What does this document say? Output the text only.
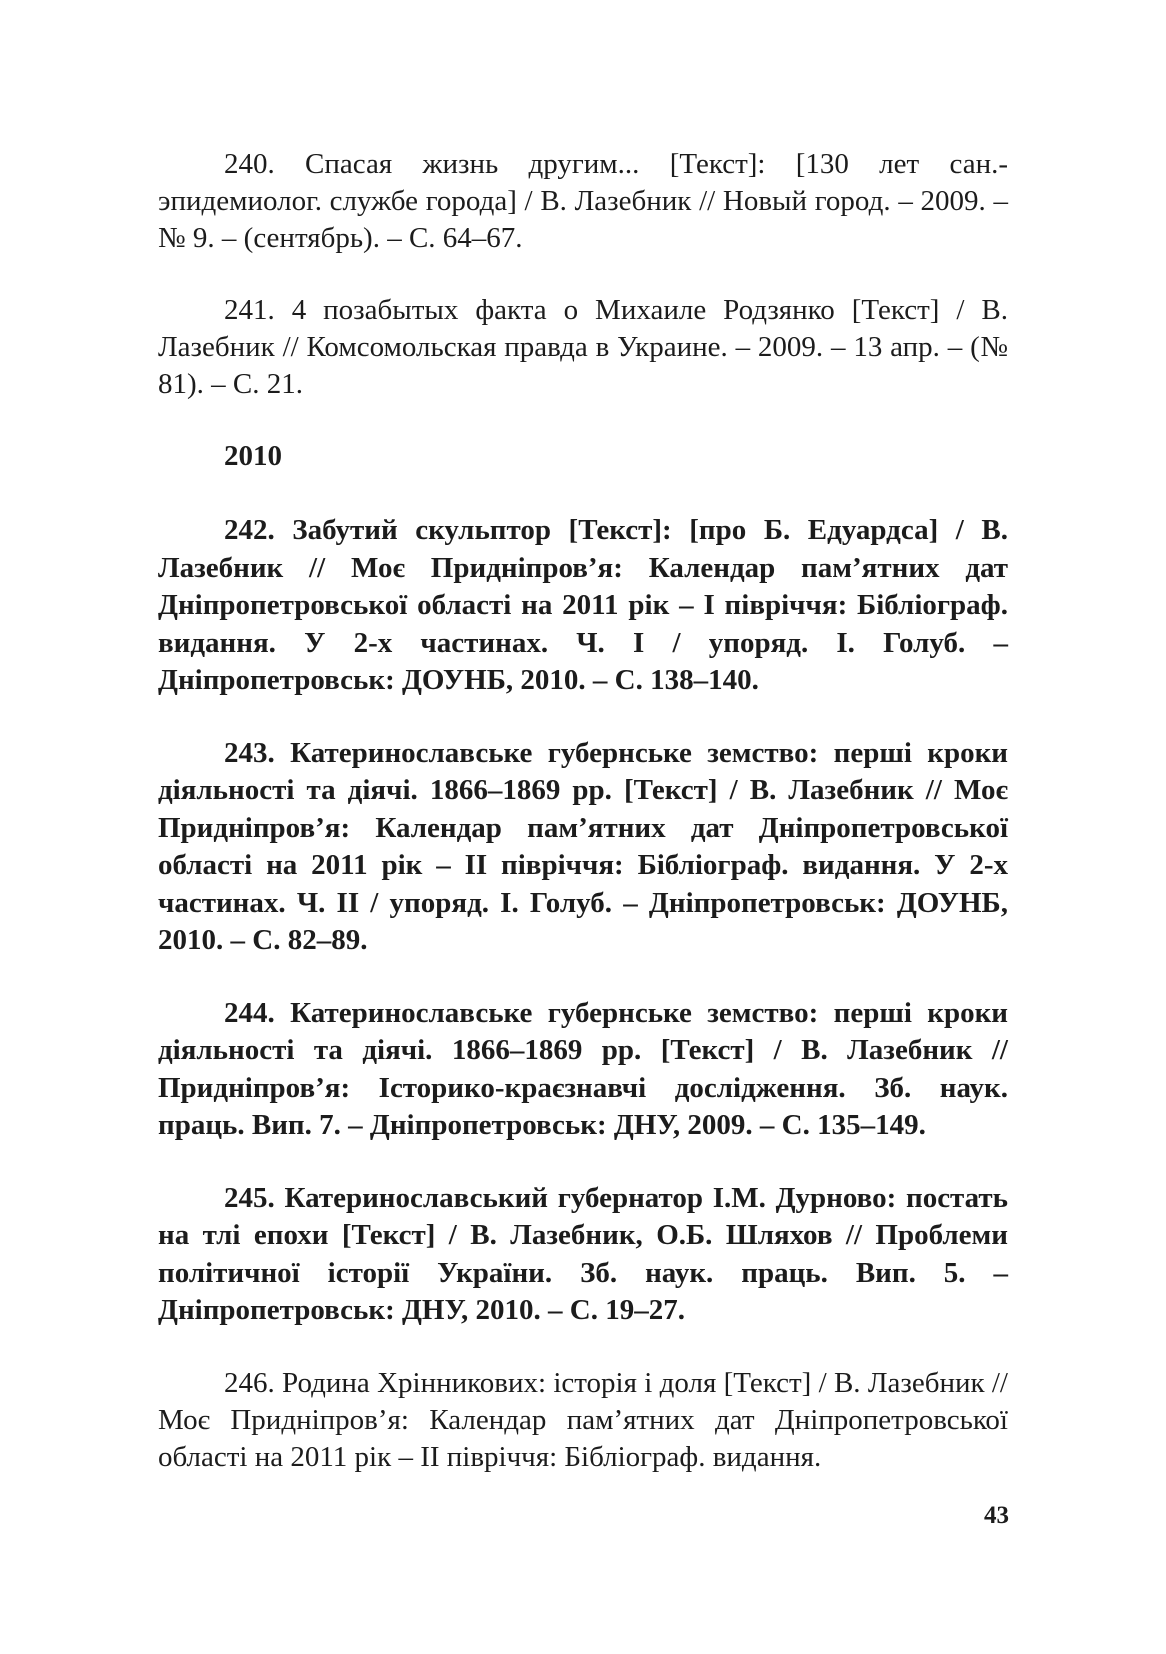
240. Спасая жизнь другим... [Текст]: [130 лет сан.-эпидемиолог. службе города] / В. Лазебник // Новый город. – 2009. – № 9. – (сентябрь). – С. 64–67.

241. 4 позабытых факта о Михаиле Родзянко [Текст] / В. Лазебник // Комсомольская правда в Украине. – 2009. – 13 апр. – (№ 81). – С. 21.

2010

242. Забутий скульптор [Текст]: [про Б. Едуардса] / В. Лазебник // Моє Придніпров’я: Календар пам’ятних дат Дніпропетровської області на 2011 рік – І півріччя: Бібліограф. видання. У 2-х частинах. Ч. I / упоряд. І. Голуб. – Дніпропетровськ: ДОУНБ, 2010. – С. 138–140.

243. Катеринославське губернське земство: перші кроки діяльності та діячі. 1866–1869 рр. [Текст] / В. Лазебник // Моє Придніпров’я: Календар пам’ятних дат Дніпропетровської області на 2011 рік – ІІ півріччя: Бібліограф. видання. У 2-х частинах. Ч. ІІ / упоряд. І. Голуб. – Дніпропетровськ: ДОУНБ, 2010. – С. 82–89.

244. Катеринославське губернське земство: перші кроки діяльності та діячі. 1866–1869 рр. [Текст] / В. Лазебник // Придніпров’я: Історико-краєзнавчі дослідження. Зб. наук. праць. Вип. 7. – Дніпропетровськ: ДНУ, 2009. – С. 135–149.

245. Катеринославський губернатор І.М. Дурново: постать на тлі епохи [Текст] / В. Лазебник, О.Б. Шляхов // Проблеми політичної історії України. Зб. наук. праць. Вип. 5. – Дніпропетровськ: ДНУ, 2010. – С. 19–27.

246. Родина Хрінникових: історія і доля [Текст] / В. Лазебник // Моє Придніпров’я: Календар пам’ятних дат Дніпропетровської області на 2011 рік – ІІ півріччя: Бібліограф. видання.

43
